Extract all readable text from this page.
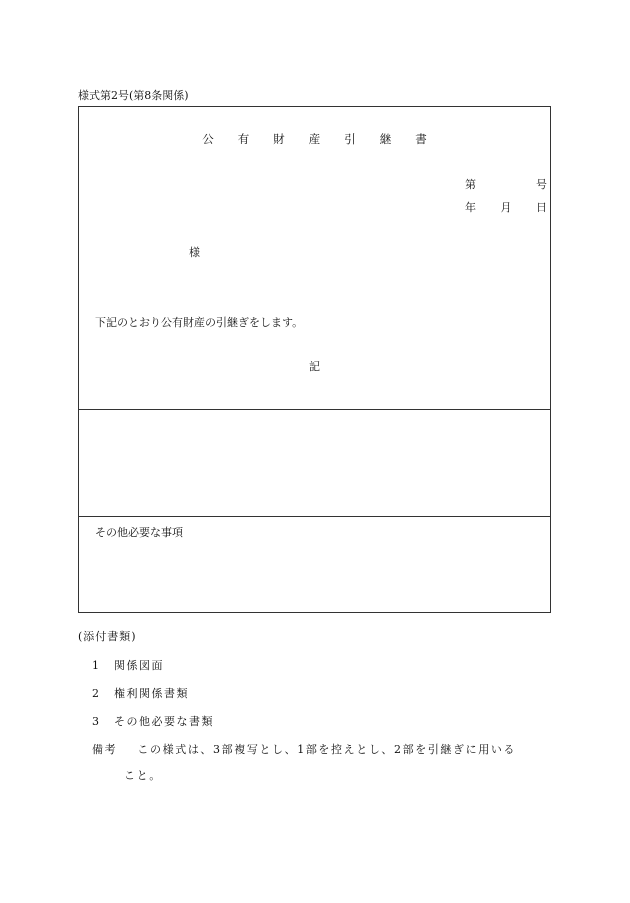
様式第2号(第8条関係)
公 有 財 産 引 継 書
第	号
年 月 日
様
下記のとおり公有財産の引継ぎをします。
記
その他必要な事項
(添付書類)
1 関係図面
2 権利関係書類
3 その他必要な書類
備考 この様式は、3部複写とし、1部を控えとし、2部を引継ぎに用いる
こと。
